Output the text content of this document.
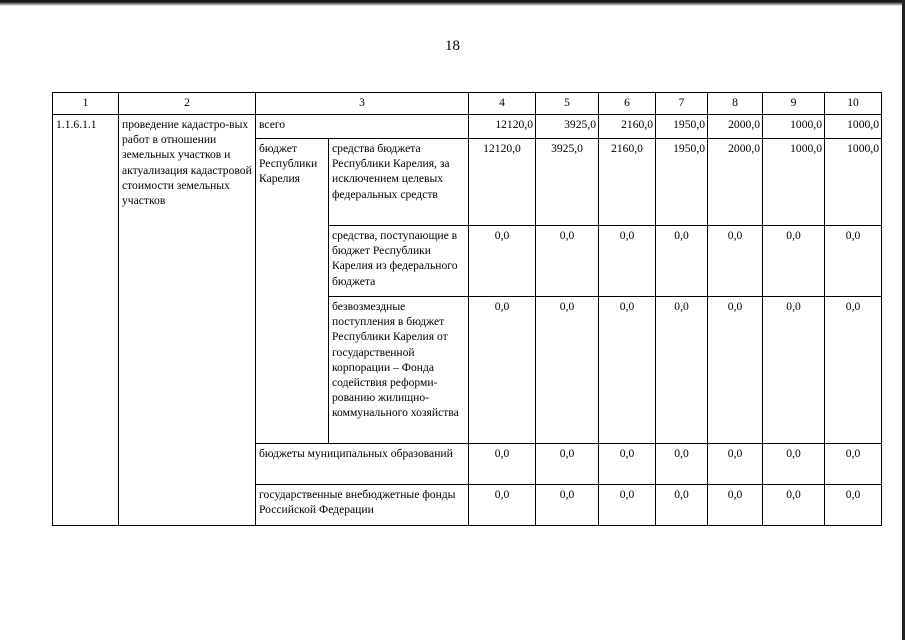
18
1	2	3		4	5	6	7	8	9	10
1.1.6.1.1	проведение кадастро-вых работ в отношении земельных участков и актуализация кадастровой стоимости земельных участков	всего		12120,0	3925,0	2160,0	1950,0	2000,0	1000,0	1000,0
		бюджет Республики Карелия	средства бюджета Республики Карелия, за исключением целевых федеральных средств	12120,0	3925,0	2160,0	1950,0	2000,0	1000,0	1000,0
			средства, поступающие в бюджет Республики Карелия из федерального бюджета	0,0	0,0	0,0	0,0	0,0	0,0	0,0
			безвозмездные поступления в бюджет Республики Карелия от государственной корпорации – Фонда содействия реформи-рованию жилищно-коммунального хозяйства	0,0	0,0	0,0	0,0	0,0	0,0	0,0
		бюджеты муниципальных образований		0,0	0,0	0,0	0,0	0,0	0,0	0,0
		государственные внебюджетные фонды Российской Федерации		0,0	0,0	0,0	0,0	0,0	0,0	0,0
